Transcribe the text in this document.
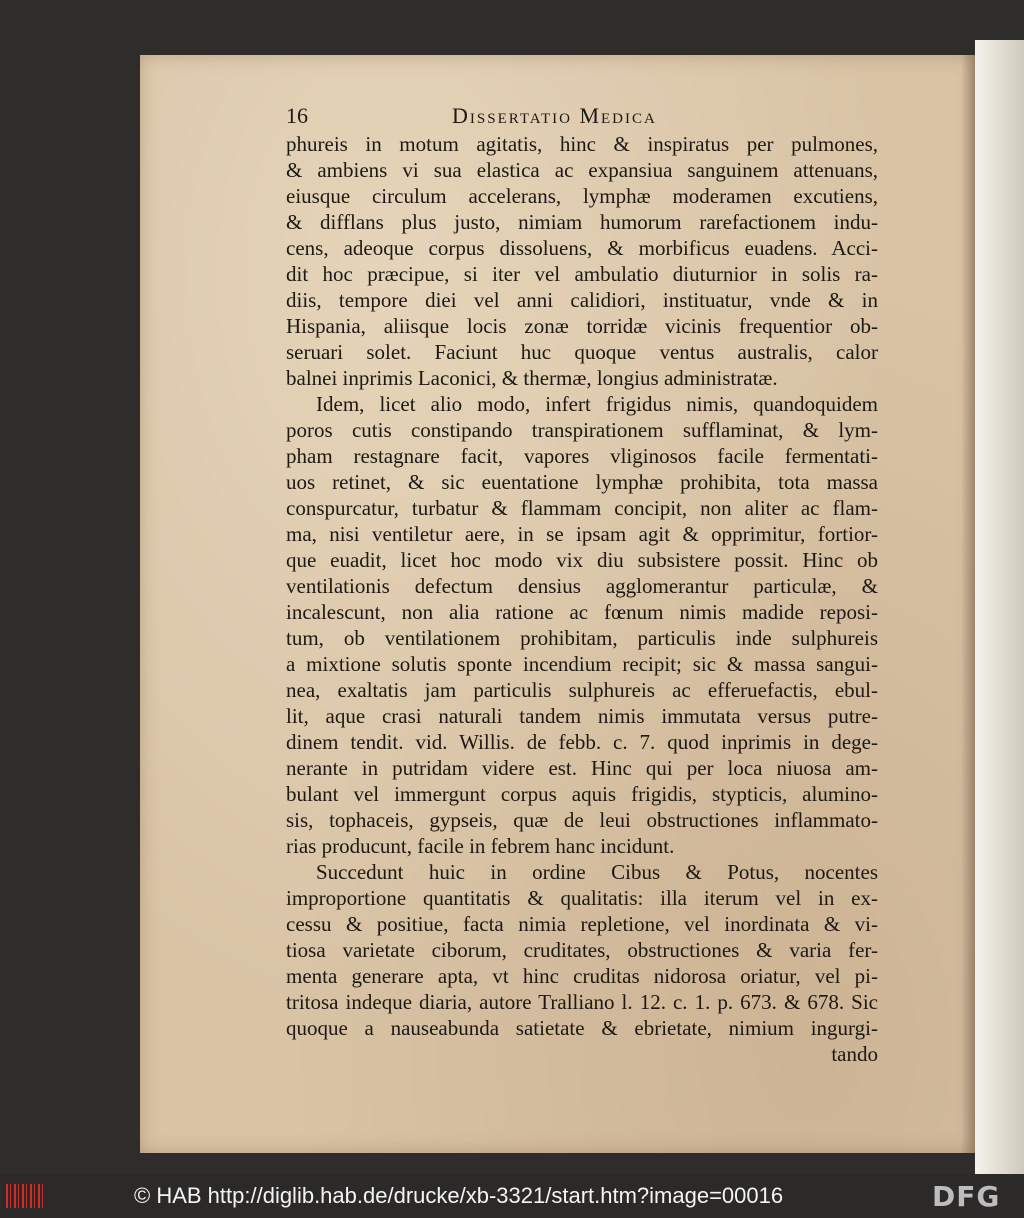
16	Dissertatio Medica
phureis in motum agitatis, hinc & inspiratus per pulmones,
& ambiens vi sua elastica ac expansiua sanguinem attenuans,
eiusque circulum accelerans, lymphæ moderamen excutiens,
& difflans plus justo, nimiam humorum rarefactionem indu-
cens, adeoque corpus dissoluens, & morbificus euadens. Acci-
dit hoc præcipue, si iter vel ambulatio diuturnior in solis ra-
diis, tempore diei vel anni calidiori, instituatur, vnde & in
Hispania, aliisque locis zonæ torridæ vicinis frequentior ob-
seruari solet. Faciunt huc quoque ventus australis, calor
balnei inprimis Laconici, & thermæ, longius administratæ.
Idem, licet alio modo, infert frigidus nimis, quandoquidem
poros cutis constipando transpirationem sufflaminat, & lym-
pham restagnare facit, vapores vliginosos facile fermentati-
uos retinet, & sic euentatione lymphæ prohibita, tota massa
conspurcatur, turbatur & flammam concipit, non aliter ac flam-
ma, nisi ventiletur aere, in se ipsam agit & opprimitur, fortior-
que euadit, licet hoc modo vix diu subsistere possit. Hinc ob
ventilationis defectum densius agglomerantur particulæ, &
incalescunt, non alia ratione ac fœnum nimis madide reposi-
tum, ob ventilationem prohibitam, particulis inde sulphureis
a mixtione solutis sponte incendium recipit; sic & massa sangui-
nea, exaltatis jam particulis sulphureis ac efferuefactis, ebul-
lit, aque crasi naturali tandem nimis immutata versus putre-
dinem tendit. vid. Willis. de febb. c. 7. quod inprimis in dege-
nerante in putridam videre est. Hinc qui per loca niuosa am-
bulant vel immergunt corpus aquis frigidis, stypticis, alumino-
sis, tophaceis, gypseis, quæ de leui obstructiones inflammato-
rias producunt, facile in febrem hanc incidunt.
Succedunt huic in ordine Cibus & Potus, nocentes
improportione quantitatis & qualitatis: illa iterum vel in ex-
cessu & positiue, facta nimia repletione, vel inordinata & vi-
tiosa varietate ciborum, cruditates, obstructiones & varia fer-
menta generare apta, vt hinc cruditas nidorosa oriatur, vel pi-
tritosa indeque diaria, autore Tralliano l. 12. c. 1. p. 673. & 678. Sic
quoque a nauseabunda satietate & ebrietate, nimium ingurgi-
tando
© HAB http://diglib.hab.de/drucke/xb-3321/start.htm?image=00016	DFG
